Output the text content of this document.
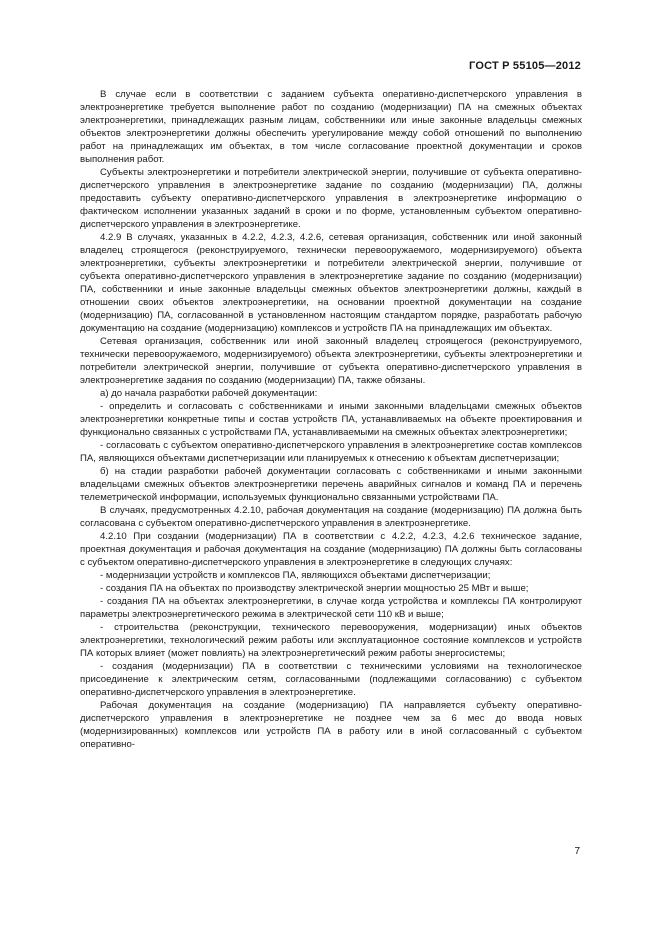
ГОСТ Р 55105—2012

В случае если в соответствии с заданием субъекта оперативно-диспетчерского управления в электроэнергетике требуется выполнение работ по созданию (модернизации) ПА на смежных объектах электроэнергетики, принадлежащих разным лицам, собственники или иные законные владельцы смежных объектов электроэнергетики должны обеспечить урегулирование между собой отношений по выполнению работ на принадлежащих им объектах, в том числе согласование проектной документации и сроков выполнения работ.

Субъекты электроэнергетики и потребители электрической энергии, получившие от субъекта оперативно-диспетчерского управления в электроэнергетике задание по созданию (модернизации) ПА, должны предоставить субъекту оперативно-диспетчерского управления в электроэнергетике информацию о фактическом исполнении указанных заданий в сроки и по форме, установленным субъектом оперативно-диспетчерского управления в электроэнергетике.

4.2.9 В случаях, указанных в 4.2.2, 4.2.3, 4.2.6, сетевая организация, собственник или иной законный владелец строящегося (реконструируемого, технически перевооружаемого, модернизируемого) объекта электроэнергетики, субъекты электроэнергетики и потребители электрической энергии, получившие от субъекта оперативно-диспетчерского управления в электроэнергетике задание по созданию (модернизации) ПА, собственники и иные законные владельцы смежных объектов электроэнергетики должны, каждый в отношении своих объектов электроэнергетики, на основании проектной документации на создание (модернизацию) ПА, согласованной в установленном настоящим стандартом порядке, разработать рабочую документацию на создание (модернизацию) комплексов и устройств ПА на принадлежащих им объектах.

Сетевая организация, собственник или иной законный владелец строящегося (реконструируемого, технически перевооружаемого, модернизируемого) объекта электроэнергетики, субъекты электроэнергетики и потребители электрической энергии, получившие от субъекта оперативно-диспетчерского управления в электроэнергетике задания по созданию (модернизации) ПА, также обязаны.

а) до начала разработки рабочей документации:

- определить и согласовать с собственниками и иными законными владельцами смежных объектов электроэнергетики конкретные типы и состав устройств ПА, устанавливаемых на объекте проектирования и функционально связанных с устройствами ПА, устанавливаемыми на смежных объектах электроэнергетики;

- согласовать с субъектом оперативно-диспетчерского управления в электроэнергетике состав комплексов ПА, являющихся объектами диспетчеризации или планируемых к отнесению к объектам диспетчеризации;

б) на стадии разработки рабочей документации согласовать с собственниками и иными законными владельцами смежных объектов электроэнергетики перечень аварийных сигналов и команд ПА и перечень телеметрической информации, используемых функционально связанными устройствами ПА.

В случаях, предусмотренных 4.2.10, рабочая документация на создание (модернизацию) ПА должна быть согласована с субъектом оперативно-диспетчерского управления в электроэнергетике.

4.2.10 При создании (модернизации) ПА в соответствии с 4.2.2, 4.2.3, 4.2.6 техническое задание, проектная документация и рабочая документация на создание (модернизацию) ПА должны быть согласованы с субъектом оперативно-диспетчерского управления в электроэнергетике в следующих случаях:

- модернизации устройств и комплексов ПА, являющихся объектами диспетчеризации;

- создания ПА на объектах по производству электрической энергии мощностью 25 МВт и выше;

- создания ПА на объектах электроэнергетики, в случае когда устройства и комплексы ПА контролируют параметры электроэнергетического режима в электрической сети 110 кВ и выше;

- строительства (реконструкции, технического перевооружения, модернизации) иных объектов электроэнергетики, технологический режим работы или эксплуатационное состояние комплексов и устройств ПА которых влияет (может повлиять) на электроэнергетический режим работы энергосистемы;

- создания (модернизации) ПА в соответствии с техническими условиями на технологическое присоединение к электрическим сетям, согласованными (подлежащими согласованию) с субъектом оперативно-диспетчерского управления в электроэнергетике.

Рабочая документация на создание (модернизацию) ПА направляется субъекту оперативно-диспетчерского управления в электроэнергетике не позднее чем за 6 мес до ввода новых (модернизированных) комплексов или устройств ПА в работу или в иной согласованный с субъектом оперативно-

7
